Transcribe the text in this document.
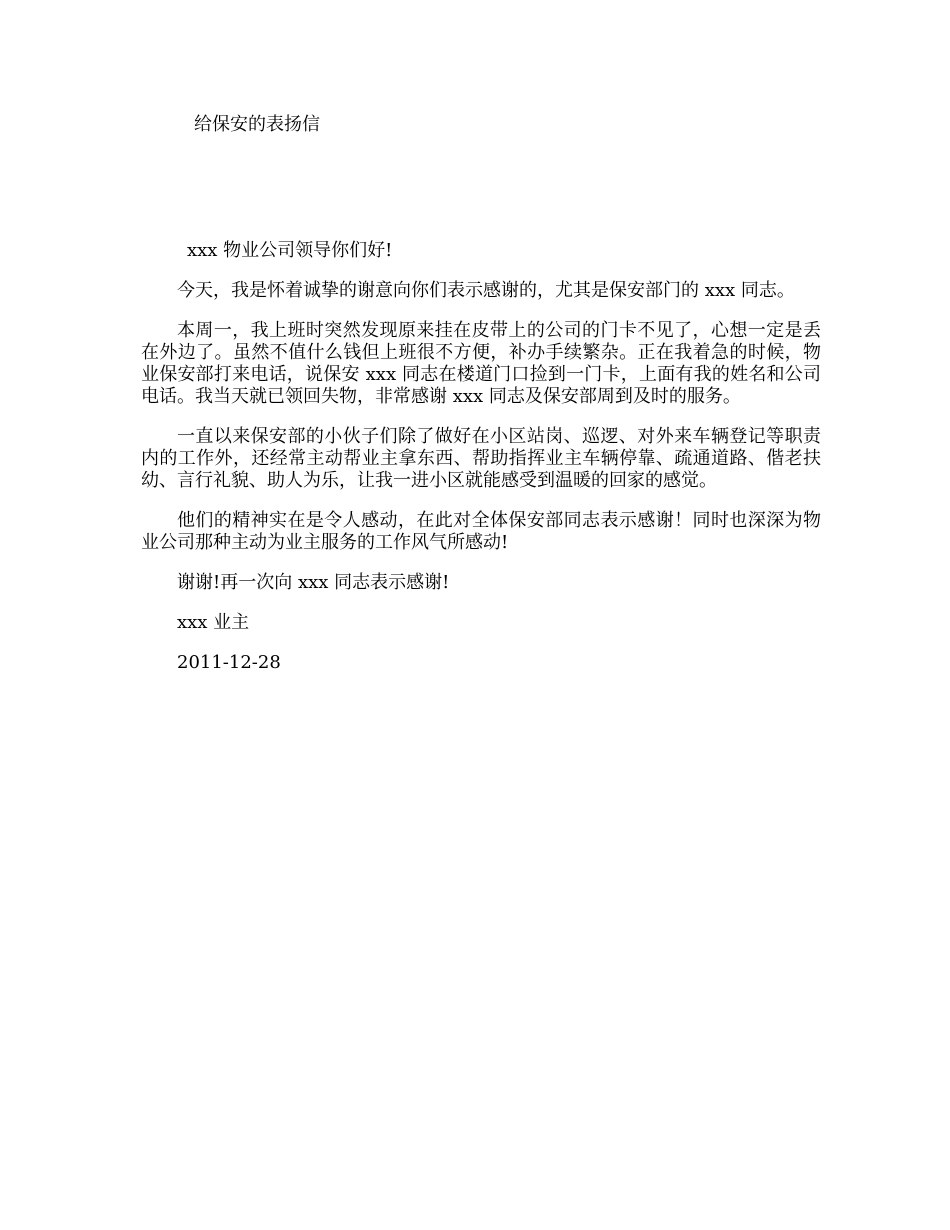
给保安的表扬信

xxx 物业公司领导你们好!

今天，我是怀着诚挚的谢意向你们表示感谢的，尤其是保安部门的 xxx 同志。

本周一，我上班时突然发现原来挂在皮带上的公司的门卡不见了，心想一定是丢在外边了。虽然不值什么钱但上班很不方便，补办手续繁杂。正在我着急的时候，物业保安部打来电话，说保安 xxx 同志在楼道门口捡到一门卡，上面有我的姓名和公司电话。我当天就已领回失物，非常感谢 xxx 同志及保安部周到及时的服务。

一直以来保安部的小伙子们除了做好在小区站岗、巡逻、对外来车辆登记等职责内的工作外，还经常主动帮业主拿东西、帮助指挥业主车辆停靠、疏通道路、偕老扶幼、言行礼貌、助人为乐，让我一进小区就能感受到温暖的回家的感觉。

他们的精神实在是令人感动，在此对全体保安部同志表示感谢！同时也深深为物业公司那种主动为业主服务的工作风气所感动!

谢谢!再一次向 xxx 同志表示感谢!

xxx 业主

2011-12-28
